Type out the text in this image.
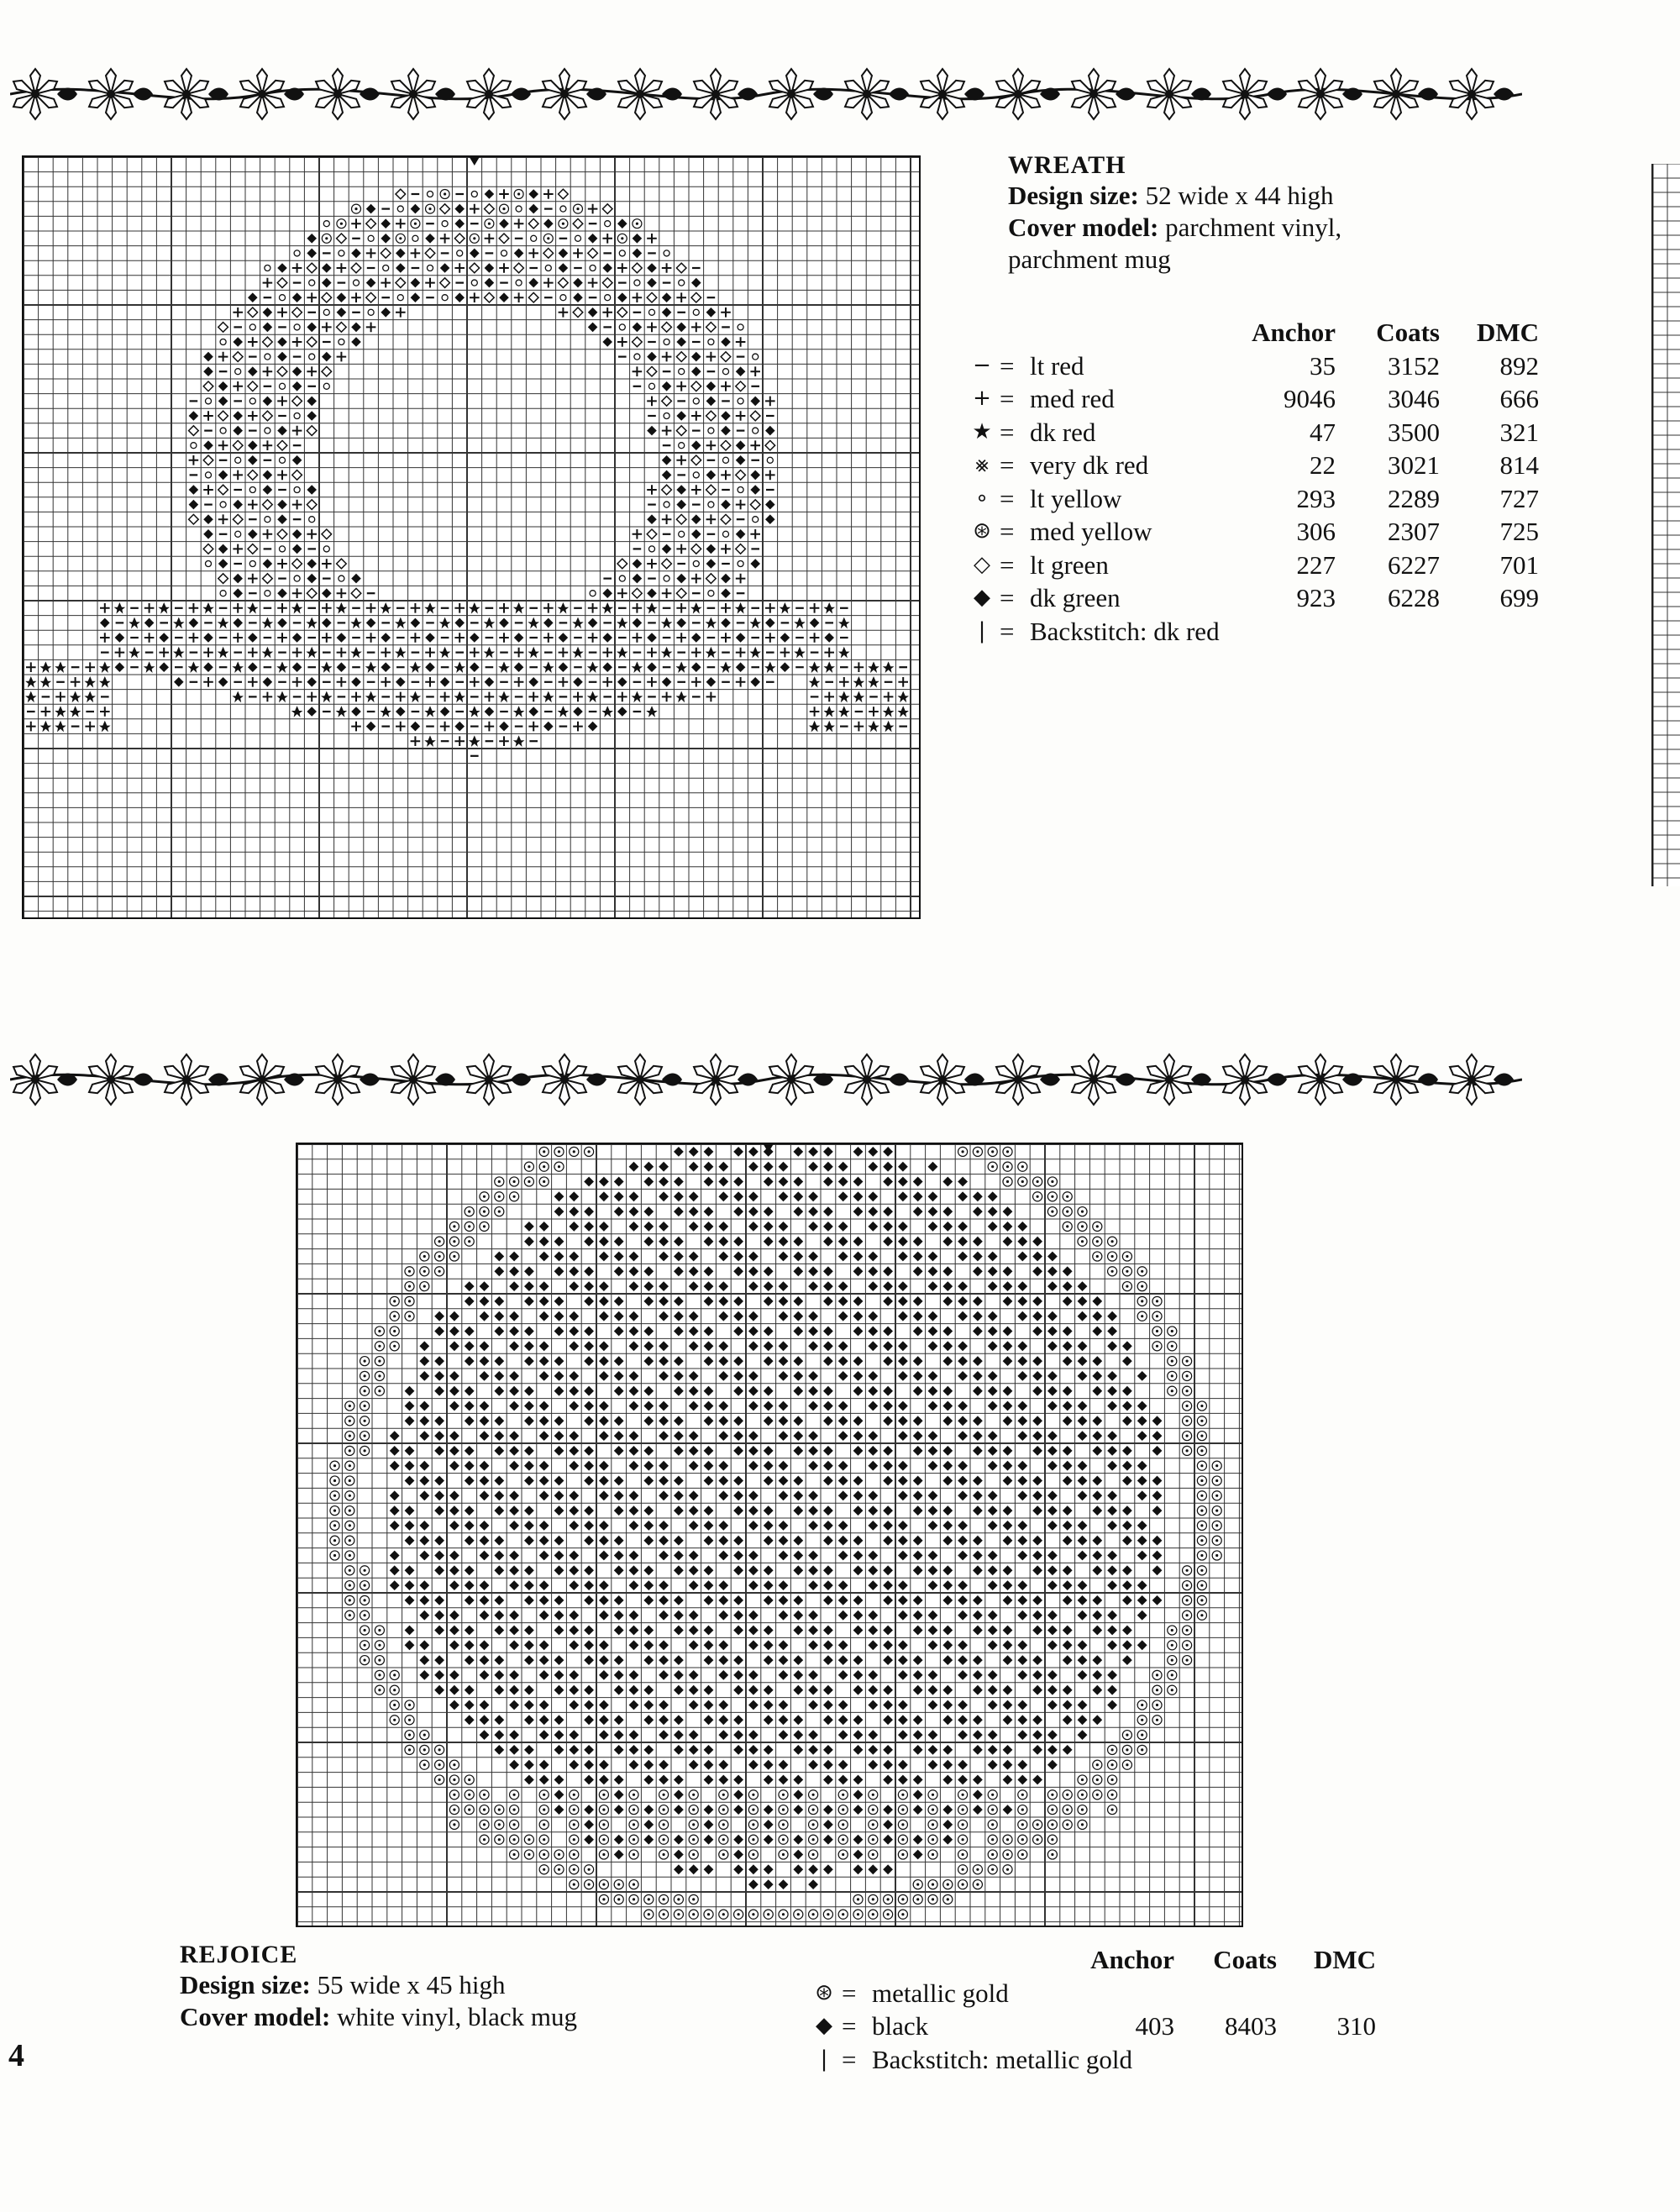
WREATH
Design size: 52 wide x 44 high
Cover model: parchment vinyl,
parchment mug
			Anchor	Coats	DMC
−	=	lt red	35	3152	892
+	=	med red	9046	3046	666
★	=	dk red	47	3500	321
⨳	=	very dk red	22	3021	814
∘	=	lt yellow	293	2289	727
⊛	=	med yellow	306	2307	725
◇	=	lt green	227	6227	701
◆	=	dk green	923	6228	699
|	=	Backstitch: dk red			
REJOICE
Design size: 55 wide x 45 high
Cover model: white vinyl, black mug
			Anchor	Coats	DMC
⊛	=	metallic gold			
◆	=	black	403	8403	310
|	=	Backstitch: metallic gold			
4
